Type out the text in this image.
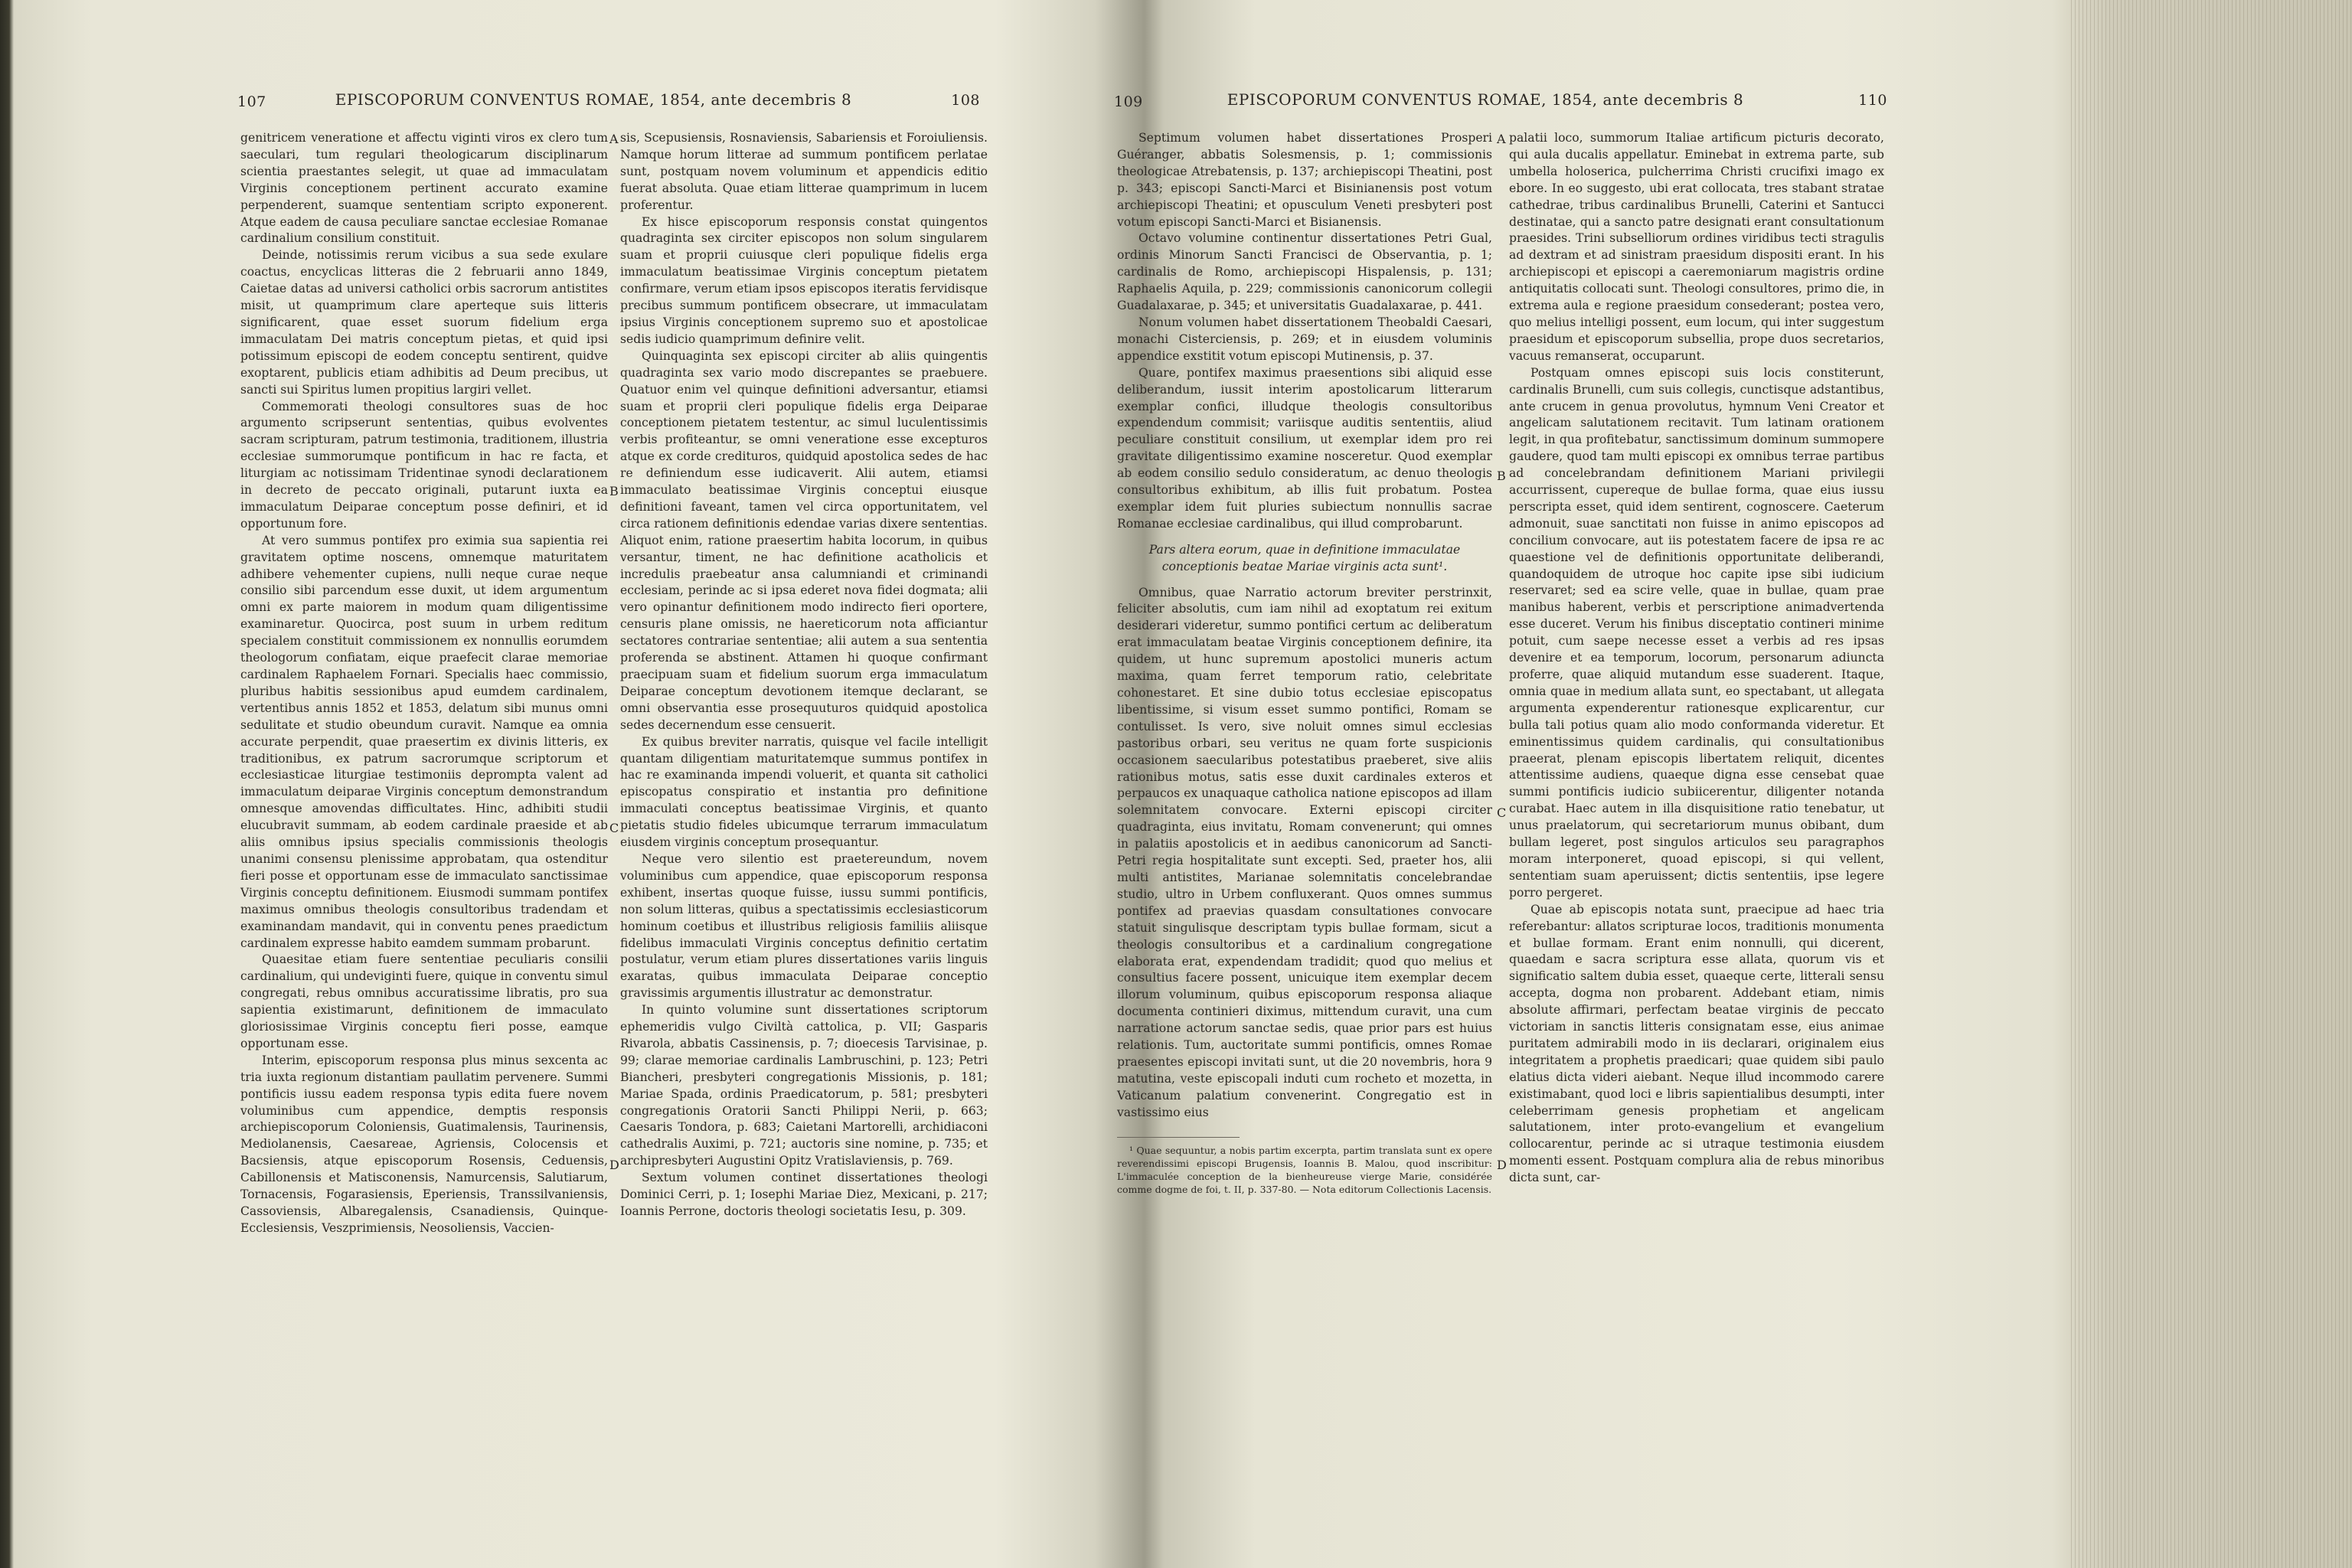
107	EPISCOPORUM CONVENTUS ROMAE, 1854, ante decembris 8	108

genitricem veneratione et affectu viginti viros ex clero tum saeculari, tum regulari theologicarum disciplinarum scientia praestantes selegit, ut quae ad immaculatam Virginis conceptionem pertinent accurato examine perpenderent, suamque sententiam scripto exponerent. Atque eadem de causa peculiare sanctae ecclesiae Romanae cardinalium consilium constituit.

Deinde, notissimis rerum vicibus a sua sede exulare coactus, encyclicas litteras die 2 februarii anno 1849, Caietae datas ad universi catholici orbis sacrorum antistites misit, ut quamprimum clare aperteque suis litteris significarent, quae esset suorum fidelium erga immaculatam Dei matris conceptum pietas, et quid ipsi potissimum episcopi de eodem conceptu sentirent, quidve exoptarent, publicis etiam adhibitis ad Deum precibus, ut sancti sui Spiritus lumen propitius largiri vellet.

Commemorati theologi consultores suas de hoc argumento scripserunt sententias, quibus evolventes sacram scripturam, patrum testimonia, traditionem, illustria ecclesiae summorumque pontificum in hac re facta, et liturgiam ac notissimam Tridentinae synodi declarationem in decreto de peccato originali, putarunt iuxta ea immaculatum Deiparae conceptum posse definiri, et id opportunum fore.

At vero summus pontifex pro eximia sua sapientia rei gravitatem optime noscens, omnemque maturitatem adhibere vehementer cupiens, nulli neque curae neque consilio sibi parcendum esse duxit, ut idem argumentum omni ex parte maiorem in modum quam diligentissime examinaretur. Quocirca, post suum in urbem reditum specialem constituit commissionem ex nonnullis eorumdem theologorum confiatam, eique praefecit clarae memoriae cardinalem Raphaelem Fornari. Specialis haec commissio, pluribus habitis sessionibus apud eumdem cardinalem, vertentibus annis 1852 et 1853, delatum sibi munus omni sedulitate et studio obeundum curavit. Namque ea omnia accurate perpendit, quae praesertim ex divinis litteris, ex traditionibus, ex patrum sacrorumque scriptorum et ecclesiasticae liturgiae testimoniis deprompta valent ad immaculatum deiparae Virginis conceptum demonstrandum omnesque amovendas difficultates. Hinc, adhibiti studii elucubravit summam, ab eodem cardinale praeside et ab aliis omnibus ipsius specialis commissionis theologis unanimi consensu plenissime approbatam, qua ostenditur fieri posse et opportunam esse de immaculato sanctissimae Virginis conceptu definitionem. Eiusmodi summam pontifex maximus omnibus theologis consultoribus tradendam et examinandam mandavit, qui in conventu penes praedictum cardinalem expresse habito eamdem summam probarunt.

Quaesitae etiam fuere sententiae peculiaris consilii cardinalium, qui undeviginti fuere, quique in conventu simul congregati, rebus omnibus accuratissime libratis, pro sua sapientia existimarunt, definitionem de immaculato gloriosissimae Virginis conceptu fieri posse, eamque opportunam esse.

Interim, episcoporum responsa plus minus sexcenta ac tria iuxta regionum distantiam paullatim pervenere. Summi pontificis iussu eadem responsa typis edita fuere novem voluminibus cum appendice, demptis responsis archiepiscoporum Coloniensis, Guatimalensis, Taurinensis, Mediolanensis, Caesareae, Agriensis, Colocensis et Bacsiensis, atque episcoporum Rosensis, Ceduensis, Cabillonensis et Matisconensis, Namurcensis, Salutiarum, Tornacensis, Fogarasiensis, Eperiensis, Transsilvaniensis, Cassoviensis, Albaregalensis, Csanadiensis, Quinque-Ecclesiensis, Veszprimiensis, Neosoliensis, Vaccien-

A
B
C
D

sis, Scepusiensis, Rosnaviensis, Sabariensis et Foroiuliensis. Namque horum litterae ad summum pontificem perlatae sunt, postquam novem voluminum et appendicis editio fuerat absoluta. Quae etiam litterae quamprimum in lucem proferentur.

Ex hisce episcoporum responsis constat quingentos quadraginta sex circiter episcopos non solum singularem suam et proprii cuiusque cleri populique fidelis erga immaculatum beatissimae Virginis conceptum pietatem confirmare, verum etiam ipsos episcopos iteratis fervidisque precibus summum pontificem obsecrare, ut immaculatam ipsius Virginis conceptionem supremo suo et apostolicae sedis iudicio quamprimum definire velit.

Quinquaginta sex episcopi circiter ab aliis quingentis quadraginta sex vario modo discrepantes se praebuere. Quatuor enim vel quinque definitioni adversantur, etiamsi suam et proprii cleri populique fidelis erga Deiparae conceptionem pietatem testentur, ac simul luculentissimis verbis profiteantur, se omni veneratione esse excepturos atque ex corde credituros, quidquid apostolica sedes de hac re definiendum esse iudicaverit. Alii autem, etiamsi immaculato beatissimae Virginis conceptui eiusque definitioni faveant, tamen vel circa opportunitatem, vel circa rationem definitionis edendae varias dixere sententias. Aliquot enim, ratione praesertim habita locorum, in quibus versantur, timent, ne hac definitione acatholicis et incredulis praebeatur ansa calumniandi et criminandi ecclesiam, perinde ac si ipsa ederet nova fidei dogmata; alii vero opinantur definitionem modo indirecto fieri oportere, censuris plane omissis, ne haereticorum nota afficiantur sectatores contrariae sententiae; alii autem a sua sententia proferenda se abstinent. Attamen hi quoque confirmant praecipuam suam et fidelium suorum erga immaculatum Deiparae conceptum devotionem itemque declarant, se omni observantia esse prosequuturos quidquid apostolica sedes decernendum esse censuerit.

Ex quibus breviter narratis, quisque vel facile intelligit quantam diligentiam maturitatemque summus pontifex in hac re examinanda impendi voluerit, et quanta sit catholici episcopatus conspiratio et instantia pro definitione immaculati conceptus beatissimae Virginis, et quanto pietatis studio fideles ubicumque terrarum immaculatum eiusdem virginis conceptum prosequantur.

Neque vero silentio est praetereundum, novem voluminibus cum appendice, quae episcoporum responsa exhibent, insertas quoque fuisse, iussu summi pontificis, non solum litteras, quibus a spectatissimis ecclesiasticorum hominum coetibus et illustribus religiosis familiis aliisque fidelibus immaculati Virginis conceptus definitio certatim postulatur, verum etiam plures dissertationes variis linguis exaratas, quibus immaculata Deiparae conceptio gravissimis argumentis illustratur ac demonstratur.

In quinto volumine sunt dissertationes scriptorum ephemeridis vulgo Civiltà cattolica, p. VII; Gasparis Rivarola, abbatis Cassinensis, p. 7; dioecesis Tarvisinae, p. 99; clarae memoriae cardinalis Lambruschini, p. 123; Petri Biancheri, presbyteri congregationis Missionis, p. 181; Mariae Spada, ordinis Praedicatorum, p. 581; presbyteri congregationis Oratorii Sancti Philippi Nerii, p. 663; Caesaris Tondora, p. 683; Caietani Martorelli, archidiaconi cathedralis Auximi, p. 721; auctoris sine nomine, p. 735; et archipresbyteri Augustini Opitz Vratislaviensis, p. 769.

Sextum volumen continet dissertationes theologi Dominici Cerri, p. 1; Iosephi Mariae Diez, Mexicani, p. 217; Ioannis Perrone, doctoris theologi societatis Iesu, p. 309.

109	EPISCOPORUM CONVENTUS ROMAE, 1854, ante decembris 8	110

Septimum volumen habet dissertationes Prosperi Guéranger, abbatis Solesmensis, p. 1; commissionis theologicae Atrebatensis, p. 137; archiepiscopi Theatini, post p. 343; episcopi Sancti-Marci et Bisinianensis post votum archiepiscopi Theatini; et opusculum Veneti presbyteri post votum episcopi Sancti-Marci et Bisianensis.

Octavo volumine continentur dissertationes Petri Gual, ordinis Minorum Sancti Francisci de Observantia, p. 1; cardinalis de Romo, archiepiscopi Hispalensis, p. 131; Raphaelis Aquila, p. 229; commissionis canonicorum collegii Guadalaxarae, p. 345; et universitatis Guadalaxarae, p. 441.

Nonum volumen habet dissertationem Theobaldi Caesari, monachi Cisterciensis, p. 269; et in eiusdem voluminis appendice exstitit votum episcopi Mutinensis, p. 37.

Quare, pontifex maximus praesentions sibi aliquid esse deliberandum, iussit interim apostolicarum litterarum exemplar confici, illudque theologis consultoribus expendendum commisit; variisque auditis sententiis, aliud peculiare constituit consilium, ut exemplar idem pro rei gravitate diligentissimo examine nosceretur. Quod exemplar ab eodem consilio sedulo consideratum, ac denuo theologis consultoribus exhibitum, ab illis fuit probatum. Postea exemplar idem fuit pluries subiectum nonnullis sacrae Romanae ecclesiae cardinalibus, qui illud comprobarunt.

Pars altera eorum, quae in definitione immaculatae conceptionis beatae Mariae virginis acta sunt¹.

Omnibus, quae Narratio actorum breviter perstrinxit, feliciter absolutis, cum iam nihil ad exoptatum rei exitum desiderari videretur, summo pontifici certum ac deliberatum erat immaculatam beatae Virginis conceptionem definire, ita quidem, ut hunc supremum apostolici muneris actum maxima, quam ferret temporum ratio, celebritate cohonestaret. Et sine dubio totus ecclesiae episcopatus libentissime, si visum esset summo pontifici, Romam se contulisset. Is vero, sive noluit omnes simul ecclesias pastoribus orbari, seu veritus ne quam forte suspicionis occasionem saecularibus potestatibus praeberet, sive aliis rationibus motus, satis esse duxit cardinales exteros et perpaucos ex unaquaque catholica natione episcopos ad illam solemnitatem convocare. Externi episcopi circiter quadraginta, eius invitatu, Romam convenerunt; qui omnes in palatiis apostolicis et in aedibus canonicorum ad Sancti-Petri regia hospitalitate sunt excepti. Sed, praeter hos, alii multi antistites, Marianae solemnitatis concelebrandae studio, ultro in Urbem confluxerant. Quos omnes summus pontifex ad praevias quasdam consultationes convocare statuit singulisque descriptam typis bullae formam, sicut a theologis consultoribus et a cardinalium congregatione elaborata erat, expendendam tradidit; quod quo melius et consultius facere possent, unicuique item exemplar decem illorum voluminum, quibus episcoporum responsa aliaque documenta continieri diximus, mittendum curavit, una cum narratione actorum sanctae sedis, quae prior pars est huius relationis. Tum, auctoritate summi pontificis, omnes Romae praesentes episcopi invitati sunt, ut die 20 novembris, hora 9 matutina, veste episcopali induti cum rocheto et mozetta, in Vaticanum palatium convenerint. Congregatio est in vastissimo eius

¹ Quae sequuntur, a nobis partim excerpta, partim translata sunt ex opere reverendissimi episcopi Brugensis, Ioannis B. Malou, quod inscribitur: L'immaculée conception de la bienheureuse vierge Marie, considérée comme dogme de foi, t. II, p. 337-80. — Nota editorum Collectionis Lacensis.

A
B
C
D

palatii loco, summorum Italiae artificum picturis decorato, qui aula ducalis appellatur. Eminebat in extrema parte, sub umbella holoserica, pulcherrima Christi crucifixi imago ex ebore. In eo suggesto, ubi erat collocata, tres stabant stratae cathedrae, tribus cardinalibus Brunelli, Caterini et Santucci destinatae, qui a sancto patre designati erant consultationum praesides. Trini subselliorum ordines viridibus tecti stragulis ad dextram et ad sinistram praesidum dispositi erant. In his archiepiscopi et episcopi a caeremoniarum magistris ordine antiquitatis collocati sunt. Theologi consultores, primo die, in extrema aula e regione praesidum consederant; postea vero, quo melius intelligi possent, eum locum, qui inter suggestum praesidum et episcoporum subsellia, prope duos secretarios, vacuus remanserat, occuparunt.

Postquam omnes episcopi suis locis constiterunt, cardinalis Brunelli, cum suis collegis, cunctisque adstantibus, ante crucem in genua provolutus, hymnum Veni Creator et angelicam salutationem recitavit. Tum latinam orationem legit, in qua profitebatur, sanctissimum dominum summopere gaudere, quod tam multi episcopi ex omnibus terrae partibus ad concelebrandam definitionem Mariani privilegii accurrissent, cupereque de bullae forma, quae eius iussu perscripta esset, quid idem sentirent, cognoscere. Caeterum admonuit, suae sanctitati non fuisse in animo episcopos ad concilium convocare, aut iis potestatem facere de ipsa re ac quaestione vel de definitionis opportunitate deliberandi, quandoquidem de utroque hoc capite ipse sibi iudicium reservaret; sed ea scire velle, quae in bullae, quam prae manibus haberent, verbis et perscriptione animadvertenda esse duceret. Verum his finibus disceptatio contineri minime potuit, cum saepe necesse esset a verbis ad res ipsas devenire et ea temporum, locorum, personarum adiuncta proferre, quae aliquid mutandum esse suaderent. Itaque, omnia quae in medium allata sunt, eo spectabant, ut allegata argumenta expenderentur rationesque explicarentur, cur bulla tali potius quam alio modo conformanda videretur. Et eminentissimus quidem cardinalis, qui consultationibus praeerat, plenam episcopis libertatem reliquit, dicentes attentissime audiens, quaeque digna esse censebat quae summi pontificis iudicio subiicerentur, diligenter notanda curabat. Haec autem in illa disquisitione ratio tenebatur, ut unus praelatorum, qui secretariorum munus obibant, dum bullam legeret, post singulos articulos seu paragraphos moram interponeret, quoad episcopi, si qui vellent, sententiam suam aperuissent; dictis sententiis, ipse legere porro pergeret.

Quae ab episcopis notata sunt, praecipue ad haec tria referebantur: allatos scripturae locos, traditionis monumenta et bullae formam. Erant enim nonnulli, qui dicerent, quaedam e sacra scriptura esse allata, quorum vis et significatio saltem dubia esset, quaeque certe, litterali sensu accepta, dogma non probarent. Addebant etiam, nimis absolute affirmari, perfectam beatae virginis de peccato victoriam in sanctis litteris consignatam esse, eius animae puritatem admirabili modo in iis declarari, originalem eius integritatem a prophetis praedicari; quae quidem sibi paulo elatius dicta videri aiebant. Neque illud incommodo carere existimabant, quod loci e libris sapientialibus desumpti, inter celeberrimam genesis prophetiam et angelicam salutationem, inter proto-evangelium et evangelium collocarentur, perinde ac si utraque testimonia eiusdem momenti essent. Postquam complura alia de rebus minoribus dicta sunt, car-
